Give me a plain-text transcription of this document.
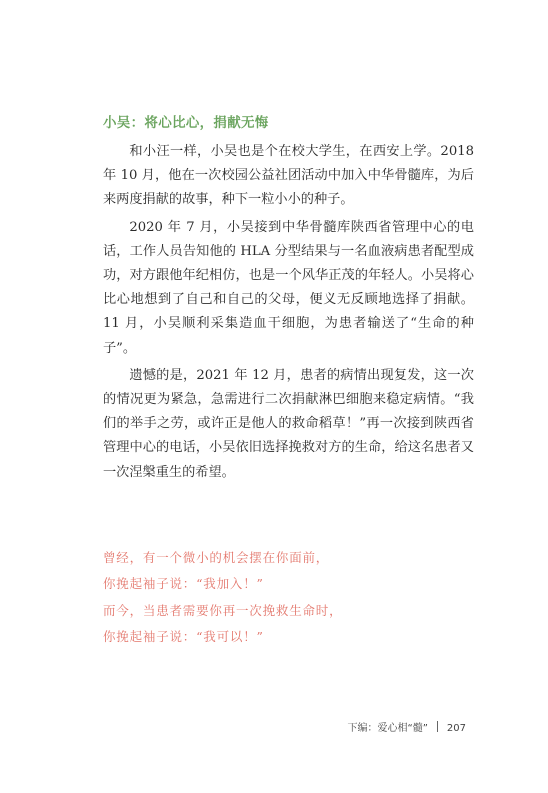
小吴：将心比心，捐献无悔

和小汪一样，小吴也是个在校大学生，在西安上学。2018 年 10 月，他在一次校园公益社团活动中加入中华骨髓库，为后来两度捐献的故事，种下一粒小小的种子。

2020 年 7 月，小吴接到中华骨髓库陕西省管理中心的电话，工作人员告知他的 HLA 分型结果与一名血液病患者配型成功，对方跟他年纪相仿，也是一个风华正茂的年轻人。小吴将心比心地想到了自己和自己的父母，便义无反顾地选择了捐献。11 月，小吴顺利采集造血干细胞，为患者输送了“生命的种子”。

遗憾的是，2021 年 12 月，患者的病情出现复发，这一次的情况更为紧急，急需进行二次捐献淋巴细胞来稳定病情。“我们的举手之劳，或许正是他人的救命稻草！”再一次接到陕西省管理中心的电话，小吴依旧选择挽救对方的生命，给这名患者又一次涅槃重生的希望。

曾经，有一个微小的机会摆在你面前，
你挽起袖子说：“我加入！”
而今，当患者需要你再一次挽救生命时，
你挽起袖子说：“我可以！”
下编：爱心相“髓” 207
